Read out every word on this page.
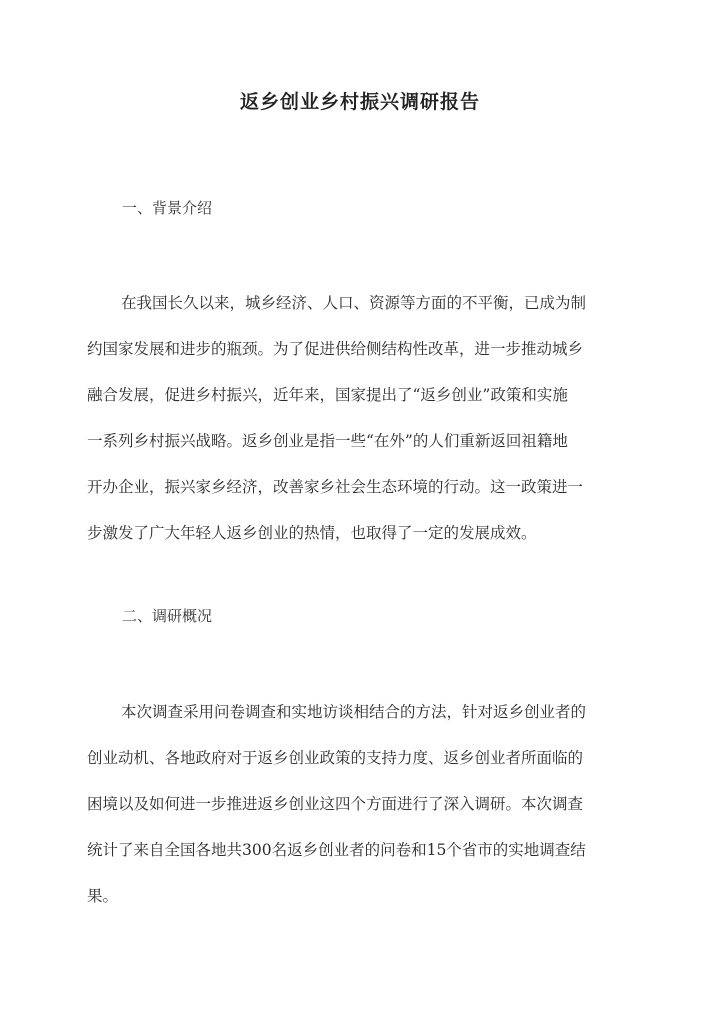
返乡创业乡村振兴调研报告
一、背景介绍
在我国长久以来，城乡经济、人口、资源等方面的不平衡，已成为制
约国家发展和进步的瓶颈。为了促进供给侧结构性改革，进一步推动城乡
融合发展，促进乡村振兴，近年来，国家提出了“返乡创业”政策和实施
一系列乡村振兴战略。返乡创业是指一些“在外”的人们重新返回祖籍地
开办企业，振兴家乡经济，改善家乡社会生态环境的行动。这一政策进一
步激发了广大年轻人返乡创业的热情，也取得了一定的发展成效。
二、调研概况
本次调查采用问卷调查和实地访谈相结合的方法，针对返乡创业者的
创业动机、各地政府对于返乡创业政策的支持力度、返乡创业者所面临的
困境以及如何进一步推进返乡创业这四个方面进行了深入调研。本次调查
统计了来自全国各地共300名返乡创业者的问卷和15个省市的实地调查结
果。
